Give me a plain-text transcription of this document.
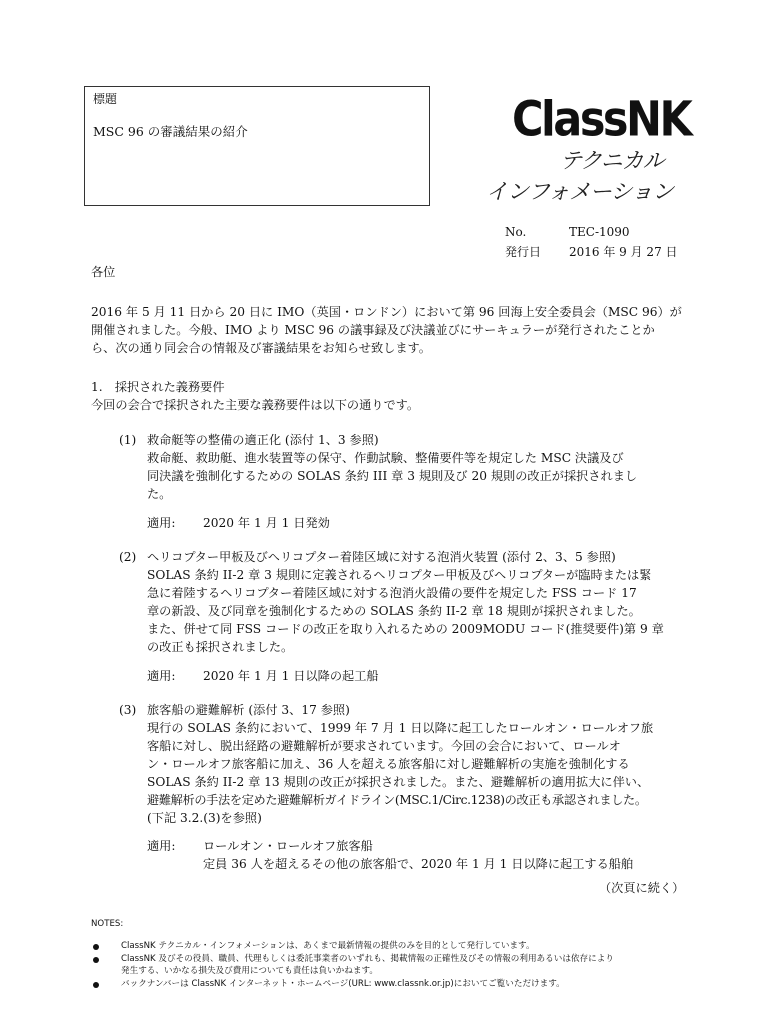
標題
MSC 96 の審議結果の紹介	ClassNK
テクニカル
インフォメーション
No.	TEC-1090
発行日 2016 年 9 月 27 日
各位
2016 年 5 月 11 日から 20 日に IMO（英国・ロンドン）において第 96 回海上安全委員会（MSC 96）が
開催されました。今般、IMO より MSC 96 の議事録及び決議並びにサーキュラーが発行されたことか
ら、次の通り同会合の情報及び審議結果をお知らせ致します。
1.　採択された義務要件
今回の会合で採択された主要な義務要件は以下の通りです。
(1) 救命艇等の整備の適正化 (添付 1、3 参照)
救命艇、救助艇、進水装置等の保守、作動試験、整備要件等を規定した MSC 決議及び
同決議を強制化するための SOLAS 条約 III 章 3 規則及び 20 規則の改正が採択されまし
た。
適用: 2020 年 1 月 1 日発効
(2) ヘリコプター甲板及びヘリコプター着陸区域に対する泡消火装置 (添付 2、3、5 参照)
SOLAS 条約 II-2 章 3 規則に定義されるヘリコプター甲板及びヘリコプターが臨時または緊
急に着陸するヘリコプター着陸区域に対する泡消火設備の要件を規定した FSS コード 17
章の新設、及び同章を強制化するための SOLAS 条約 II-2 章 18 規則が採択されました。
また、併せて同 FSS コードの改正を取り入れるための 2009MODU コード(推奨要件)第 9 章
の改正も採択されました。
適用: 2020 年 1 月 1 日以降の起工船
(3) 旅客船の避難解析 (添付 3、17 参照)
現行の SOLAS 条約において、1999 年 7 月 1 日以降に起工したロールオン・ロールオフ旅
客船に対し、脱出経路の避難解析が要求されています。今回の会合において、ロールオ
ン・ロールオフ旅客船に加え、36 人を超える旅客船に対し避難解析の実施を強制化する
SOLAS 条約 II-2 章 13 規則の改正が採択されました。また、避難解析の適用拡大に伴い、
避難解析の手法を定めた避難解析ガイドライン(MSC.1/Circ.1238)の改正も承認されました。
(下記 3.2.(3)を参照)
適用: ロールオン・ロールオフ旅客船
定員 36 人を超えるその他の旅客船で、2020 年 1 月 1 日以降に起工する船舶
（次頁に続く）
NOTES:
ClassNK テクニカル・インフォメーションは、あくまで最新情報の提供のみを目的として発行しています。
ClassNK 及びその役員、職員、代理もしくは委託事業者のいずれも、掲載情報の正確性及びその情報の利用あるいは依存により
発生する、いかなる損失及び費用についても責任は負いかねます。
バックナンバーは ClassNK インターネット・ホームページ(URL: www.classnk.or.jp)においてご覧いただけます。
